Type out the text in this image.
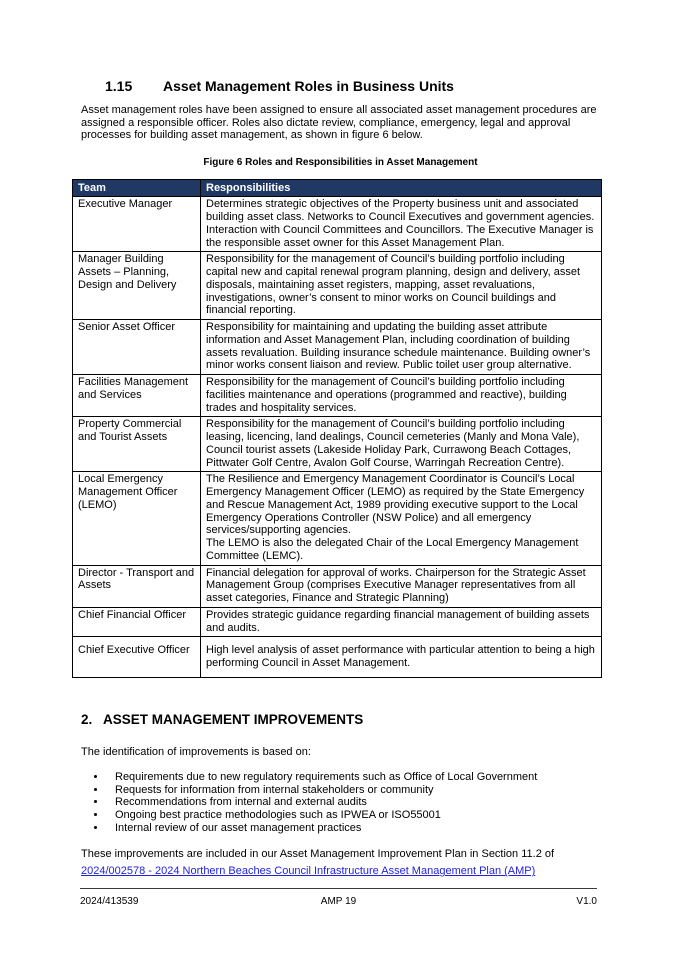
1.15	Asset Management Roles in Business Units

Asset management roles have been assigned to ensure all associated asset management procedures are assigned a responsible officer. Roles also dictate review, compliance, emergency, legal and approval processes for building asset management, as shown in figure 6 below.

Figure 6 Roles and Responsibilities in Asset Management
Team	Responsibilities
Executive Manager	Determines strategic objectives of the Property business unit and associated building asset class. Networks to Council Executives and government agencies. Interaction with Council Committees and Councillors. The Executive Manager is the responsible asset owner for this Asset Management Plan.

Manager Building Assets – Planning, Design and Delivery	Responsibility for the management of Council’s building portfolio including capital new and capital renewal program planning, design and delivery, asset disposals, maintaining asset registers, mapping, asset revaluations, investigations, owner’s consent to minor works on Council buildings and financial reporting.

Senior Asset Officer	Responsibility for maintaining and updating the building asset attribute information and Asset Management Plan, including coordination of building assets revaluation. Building insurance schedule maintenance. Building owner’s minor works consent liaison and review. Public toilet user group alternative.

Facilities Management and Services	Responsibility for the management of Council’s building portfolio including facilities maintenance and operations (programmed and reactive), building trades and hospitality services.

Property Commercial and Tourist Assets	Responsibility for the management of Council’s building portfolio including leasing, licencing, land dealings, Council cemeteries (Manly and Mona Vale), Council tourist assets (Lakeside Holiday Park, Currawong Beach Cottages, Pittwater Golf Centre, Avalon Golf Course, Warringah Recreation Centre).

Local Emergency Management Officer (LEMO)	The Resilience and Emergency Management Coordinator is Council’s Local Emergency Management Officer (LEMO) as required by the State Emergency and Rescue Management Act, 1989 providing executive support to the Local Emergency Operations Controller (NSW Police) and all emergency services/supporting agencies.
The LEMO is also the delegated Chair of the Local Emergency Management Committee (LEMC).

Director - Transport and Assets	Financial delegation for approval of works. Chairperson for the Strategic Asset Management Group (comprises Executive Manager representatives from all asset categories, Finance and Strategic Planning)

Chief Financial Officer	Provides strategic guidance regarding financial management of building assets and audits.

Chief Executive Officer	High level analysis of asset performance with particular attention to being a high performing Council in Asset Management.
2. ASSET MANAGEMENT IMPROVEMENTS

The identification of improvements is based on:

• Requirements due to new regulatory requirements such as Office of Local Government
• Requests for information from internal stakeholders or community
• Recommendations from internal and external audits
• Ongoing best practice methodologies such as IPWEA or ISO55001
• Internal review of our asset management practices

These improvements are included in our Asset Management Improvement Plan in Section 11.2 of

2024/002578 - 2024 Northern Beaches Council Infrastructure Asset Management Plan (AMP)
2024/413539	AMP 19	V1.0
